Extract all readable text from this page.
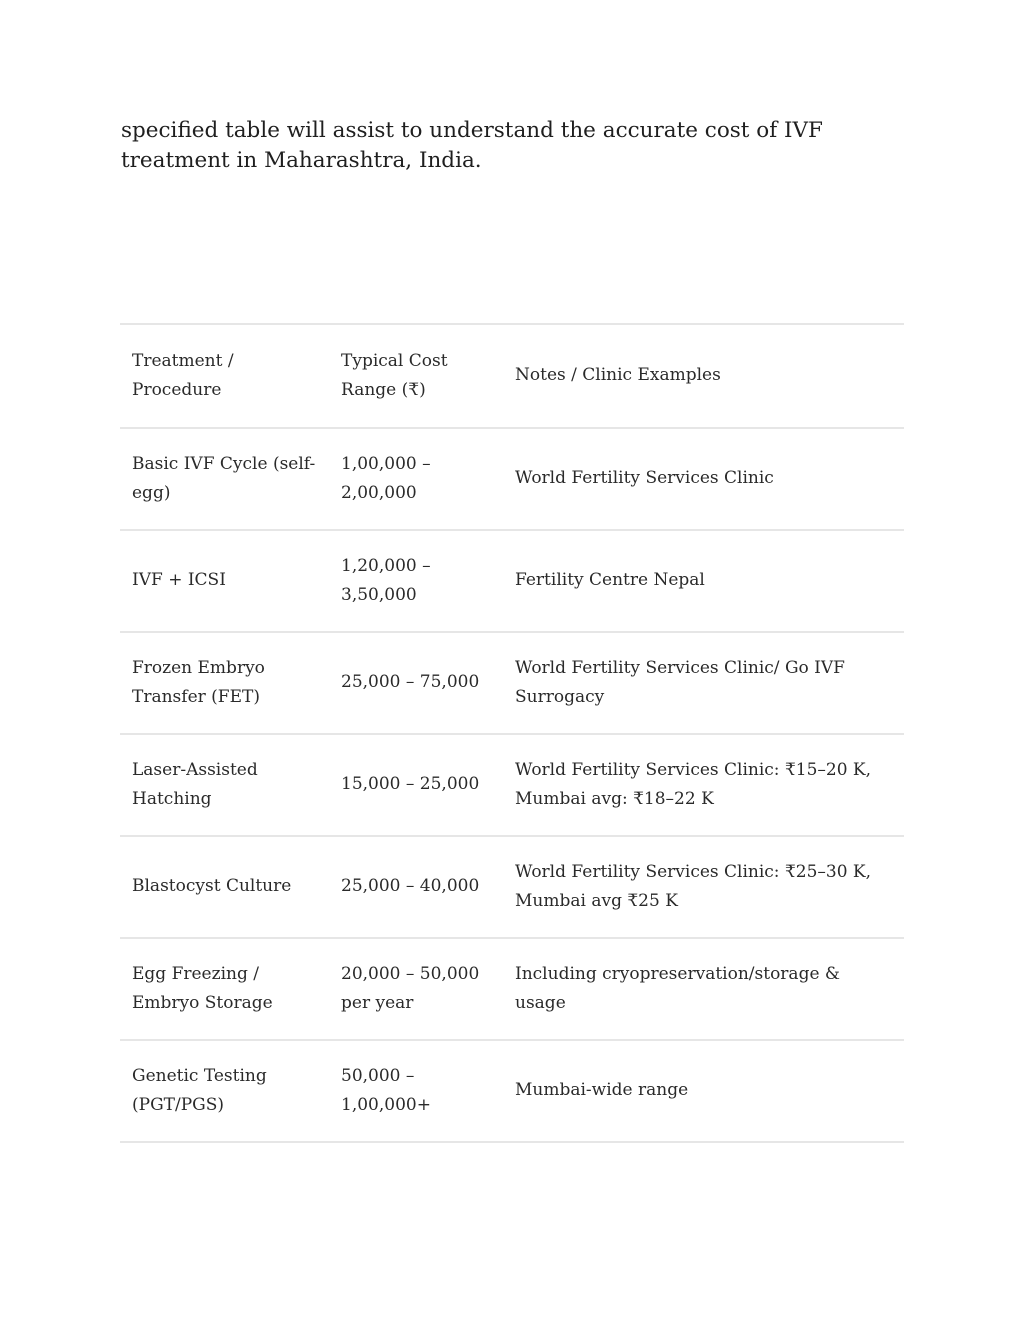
specified table will assist to understand the accurate cost of IVF treatment in Maharashtra, India.

Treatment / Procedure	Typical Cost Range (₹)	Notes / Clinic Examples
Basic IVF Cycle (self-egg)	1,00,000 – 2,00,000	World Fertility Services Clinic
IVF + ICSI	1,20,000 – 3,50,000	Fertility Centre Nepal
Frozen Embryo Transfer (FET)	25,000 – 75,000	World Fertility Services Clinic/ Go IVF Surrogacy
Laser-Assisted Hatching	15,000 – 25,000	World Fertility Services Clinic: ₹15–20 K, Mumbai avg: ₹18–22 K
Blastocyst Culture	25,000 – 40,000	World Fertility Services Clinic: ₹25–30 K, Mumbai avg ₹25 K
Egg Freezing / Embryo Storage	20,000 – 50,000 per year	Including cryopreservation/storage & usage
Genetic Testing (PGT/PGS)	50,000 – 1,00,000+	Mumbai-wide range
